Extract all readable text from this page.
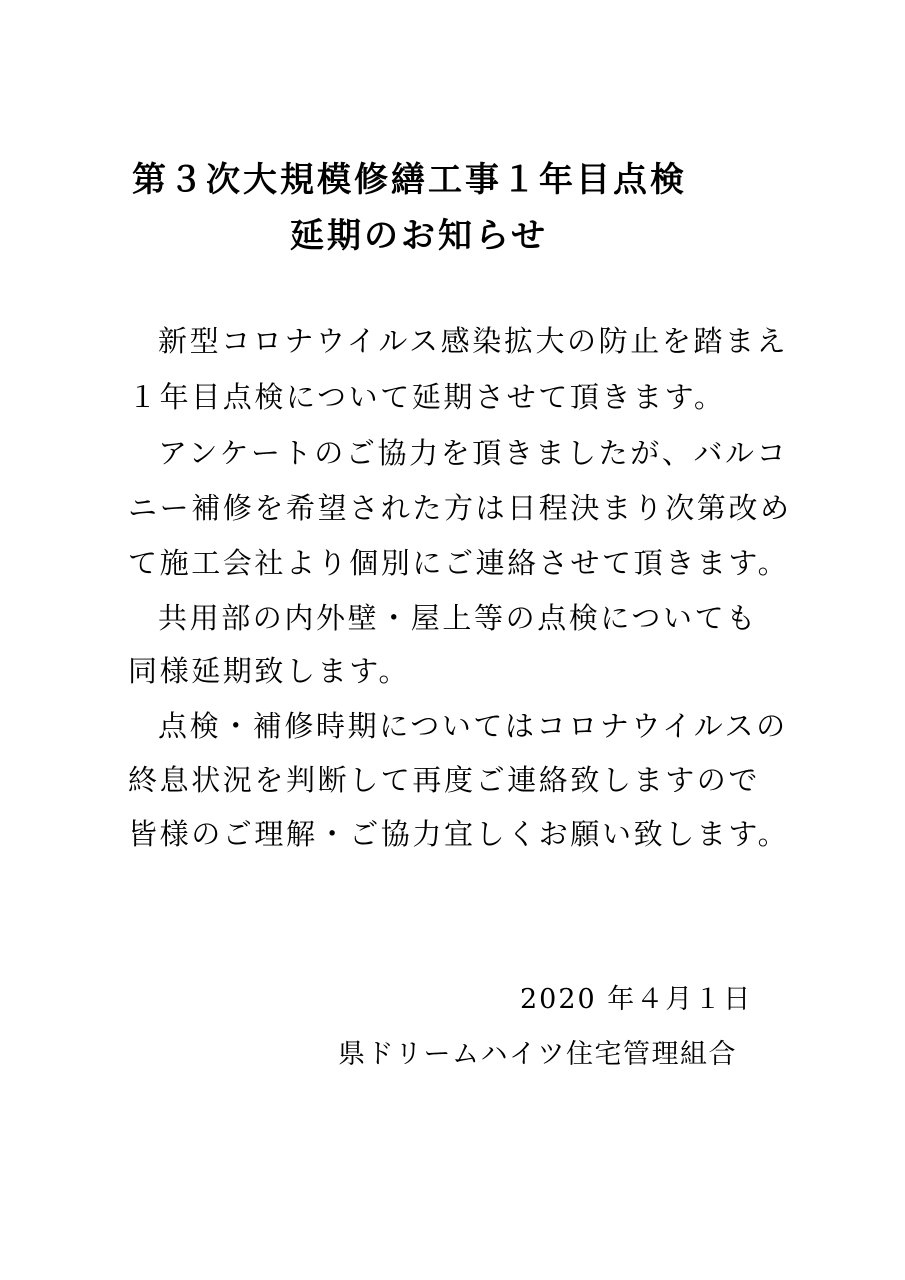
第３次大規模修繕工事１年目点検
延期のお知らせ
新型コロナウイルス感染拡大の防止を踏まえ
１年目点検について延期させて頂きます。
アンケートのご協力を頂きましたが、バルコ
ニー補修を希望された方は日程決まり次第改め
て施工会社より個別にご連絡させて頂きます。
共用部の内外壁・屋上等の点検についても
同様延期致します。
点検・補修時期についてはコロナウイルスの
終息状況を判断して再度ご連絡致しますので
皆様のご理解・ご協力宜しくお願い致します。
2020 年４月１日
県ドリームハイツ住宅管理組合
